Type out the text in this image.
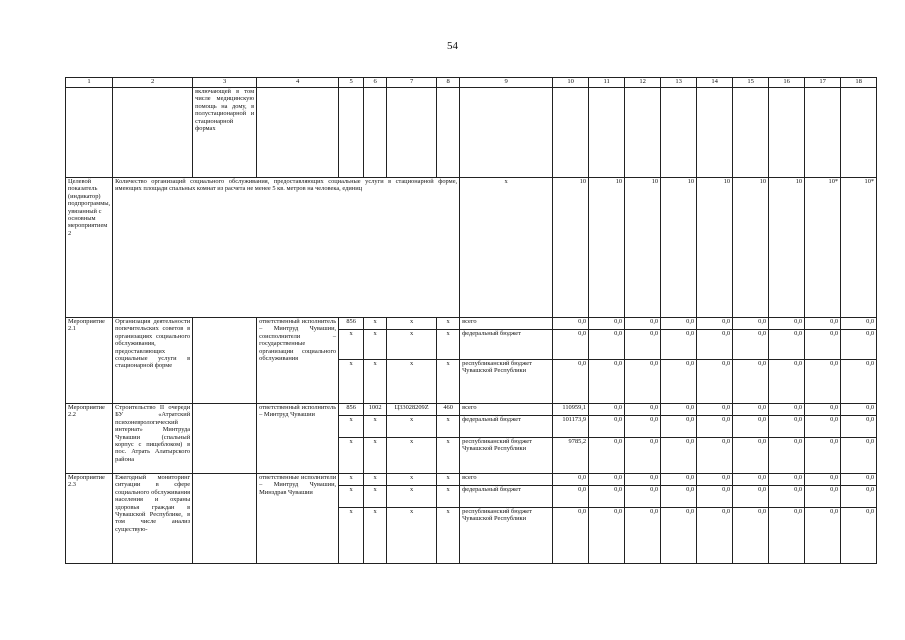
54
1	2	3	4	5	6	7	8	9	10	11	12	13	14	15	16	17	18
		включающей в том числе медицинскую помощь на дому, в полустационарной и стационарной формах															
Целевой показатель (индикатор) подпрограммы, увязанный с основным мероприятием 2	Количество организаций социального обслуживания, предоставляющих социальные услуги в стационарной форме, имеющих площади спальных комнат из расчета не менее 5 кв. метров на человека, единиц							x	10	10	10	10	10	10	10	10*	10*
Мероприятие 2.1	Организация деятельности попечительских советов в организациях социального обслуживания, предоставляющих социальные услуги в стационарной форме		ответственный исполнитель – Минтруд Чувашии, соисполнители – государственные организации социального обслуживания	856	x	x	x	всего	0,0	0,0	0,0	0,0	0,0	0,0	0,0	0,0	0,0
				x	x	x	x	федеральный бюджет	0,0	0,0	0,0	0,0	0,0	0,0	0,0	0,0	0,0
				x	x	x	x	республиканский бюджет Чувашской Республики	0,0	0,0	0,0	0,0	0,0	0,0	0,0	0,0	0,0
Мероприятие 2.2	Строительство II очереди БУ «Атратский психоневрологический интернат» Минтруда Чувашии (спальный корпус с пищеблоком) в пос. Атрать Алатырского района		ответственный исполнитель – Минтруд Чувашии	856	1002	Ц33028209Z	460	всего	110959,1	0,0	0,0	0,0	0,0	0,0	0,0	0,0	0,0
				x	x	x	x	федеральный бюджет	101173,9	0,0	0,0	0,0	0,0	0,0	0,0	0,0	0,0
				x	x	x	x	республиканский бюджет Чувашской Республики	9785,2	0,0	0,0	0,0	0,0	0,0	0,0	0,0	0,0
Мероприятие 2.3	Ежегодный мониторинг ситуации в сфере социального обслуживания населения и охраны здоровья граждан в Чувашской Республике, в том числе анализ существую-		ответственные исполнители – Минтруд Чувашии, Минздрав Чувашии	x	x	x	x	всего	0,0	0,0	0,0	0,0	0,0	0,0	0,0	0,0	0,0
				x	x	x	x	федеральный бюджет	0,0	0,0	0,0	0,0	0,0	0,0	0,0	0,0	0,0
				x	x	x	x	республиканский бюджет Чувашской Республики	0,0	0,0	0,0	0,0	0,0	0,0	0,0	0,0	0,0
